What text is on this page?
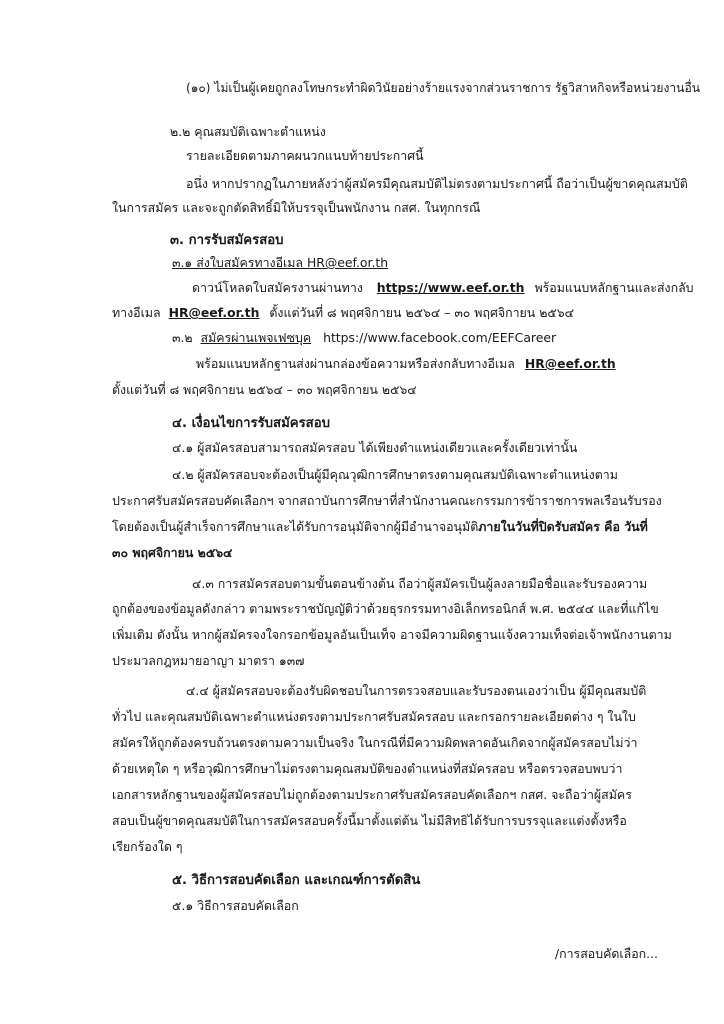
(๑๐) ไม่เป็นผู้เคยถูกลงโทษกระทำผิดวินัยอย่างร้ายแรงจากส่วนราชการ รัฐวิสาหกิจหรือหน่วยงานอื่น
๒.๒ คุณสมบัติเฉพาะตำแหน่ง
รายละเอียดตามภาคผนวกแนบท้ายประกาศนี้
อนึ่ง หากปรากฏในภายหลังว่าผู้สมัครมีคุณสมบัติไม่ตรงตามประกาศนี้ ถือว่าเป็นผู้ขาดคุณสมบัติ
ในการสมัคร และจะถูกตัดสิทธิ์มิให้บรรจุเป็นพนักงาน กสศ. ในทุกกรณี
๓. การรับสมัครสอบ
๓.๑ ส่งใบสมัครทางอีเมล HR@eef.or.th
ดาวน์โหลดใบสมัครงานผ่านทาง https://www.eef.or.th พร้อมแนบหลักฐานและส่งกลับ
ทางอีเมล HR@eef.or.th ตั้งแต่วันที่ ๘ พฤศจิกายน ๒๕๖๔ – ๓๐ พฤศจิกายน ๒๕๖๔
๓.๒ สมัครผ่านเพจเฟซบุค https://www.facebook.com/EEFCareer
พร้อมแนบหลักฐานส่งผ่านกล่องข้อความหรือส่งกลับทางอีเมล HR@eef.or.th
ตั้งแต่วันที่ ๘ พฤศจิกายน ๒๕๖๔ – ๓๐ พฤศจิกายน ๒๕๖๔
๔. เงื่อนไขการรับสมัครสอบ
๔.๑ ผู้สมัครสอบสามารถสมัครสอบ ได้เพียงตำแหน่งเดียวและครั้งเดียวเท่านั้น
๔.๒ ผู้สมัครสอบจะต้องเป็นผู้มีคุณวุฒิการศึกษาตรงตามคุณสมบัติเฉพาะตำแหน่งตาม
ประกาศรับสมัครสอบคัดเลือกฯ จากสถาบันการศึกษาที่สำนักงานคณะกรรมการข้าราชการพลเรือนรับรอง
โดยต้องเป็นผู้สำเร็จการศึกษาและได้รับการอนุมัติจากผู้มีอำนาจอนุมัติภายในวันที่ปิดรับสมัคร คือ วันที่
๓๐ พฤศจิกายน ๒๕๖๔
๔.๓ การสมัครสอบตามขั้นตอนข้างต้น ถือว่าผู้สมัครเป็นผู้ลงลายมือชื่อและรับรองความ
ถูกต้องของข้อมูลดังกล่าว ตามพระราชบัญญัติว่าด้วยธุรกรรมทางอิเล็กทรอนิกส์ พ.ศ. ๒๕๔๔ และที่แก้ไข
เพิ่มเติม ดังนั้น หากผู้สมัครจงใจกรอกข้อมูลอันเป็นเท็จ อาจมีความผิดฐานแจ้งความเท็จต่อเจ้าพนักงานตาม
ประมวลกฎหมายอาญา มาตรา ๑๓๗
๔.๔ ผู้สมัครสอบจะต้องรับผิดชอบในการตรวจสอบและรับรองตนเองว่าเป็น ผู้มีคุณสมบัติ
ทั่วไป และคุณสมบัติเฉพาะตำแหน่งตรงตามประกาศรับสมัครสอบ และกรอกรายละเอียดต่าง ๆ ในใบ
สมัครให้ถูกต้องครบถ้วนตรงตามความเป็นจริง ในกรณีที่มีความผิดพลาดอันเกิดจากผู้สมัครสอบไม่ว่า
ด้วยเหตุใด ๆ หรือวุฒิการศึกษาไม่ตรงตามคุณสมบัติของตำแหน่งที่สมัครสอบ หรือตรวจสอบพบว่า
เอกสารหลักฐานของผู้สมัครสอบไม่ถูกต้องตามประกาศรับสมัครสอบคัดเลือกฯ กสศ. จะถือว่าผู้สมัคร
สอบเป็นผู้ขาดคุณสมบัติในการสมัครสอบครั้งนี้มาตั้งแต่ต้น ไม่มีสิทธิได้รับการบรรจุและแต่งตั้งหรือ
เรียกร้องใด ๆ
๕. วิธีการสอบคัดเลือก และเกณฑ์การตัดสิน
๕.๑ วิธีการสอบคัดเลือก
/การสอบคัดเลือก...
